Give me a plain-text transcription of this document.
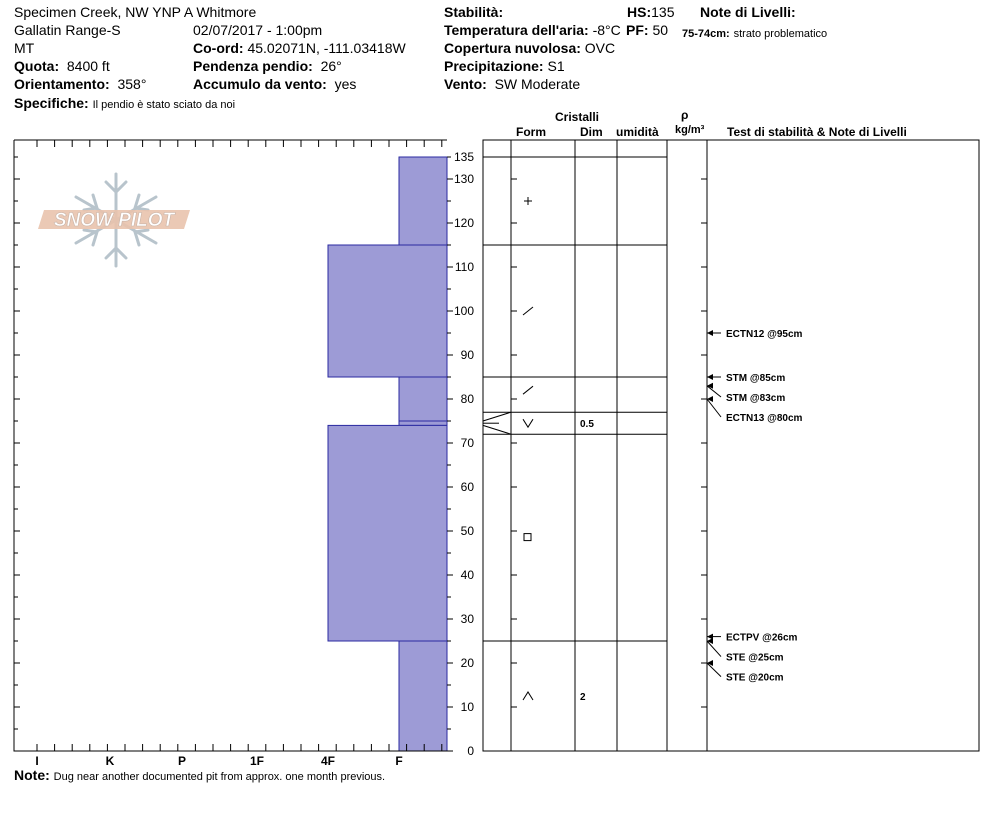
Specimen Creek, NW YNP A Whitmore
Gallatin Range-S
MT
Quota: 8400 ft
Orientamento: 358°
Specifiche: Il pendio è stato sciato da noi
02/07/2017 - 1:00pm
Co-ord: 45.02071N, -111.03418W
Pendenza pendio: 26°
Accumulo da vento: yes
Stabilità:
Temperatura dell'aria: -8°C
Copertura nuvolosa: OVC
Precipitazione: S1
Vento: SW Moderate
HS:135
PF: 50
Note di Livelli:
75-74cm: strato problematico
Cristalli
Form	Dim umidità
ρ
kg/m³ Test di stabilità & Note di Livelli
Note: Dug near another documented pit from approx. one month previous.
SNOW PILOT
I	K	P	1F	4F	F
135
130
120
110
100
90
80
70
60
50
40
30
20
10
0
0.5
2
ECTN12 @95cm
STM @85cm
STM @83cm
ECTN13 @80cm
ECTPV @26cm
STE @25cm
STE @20cm
